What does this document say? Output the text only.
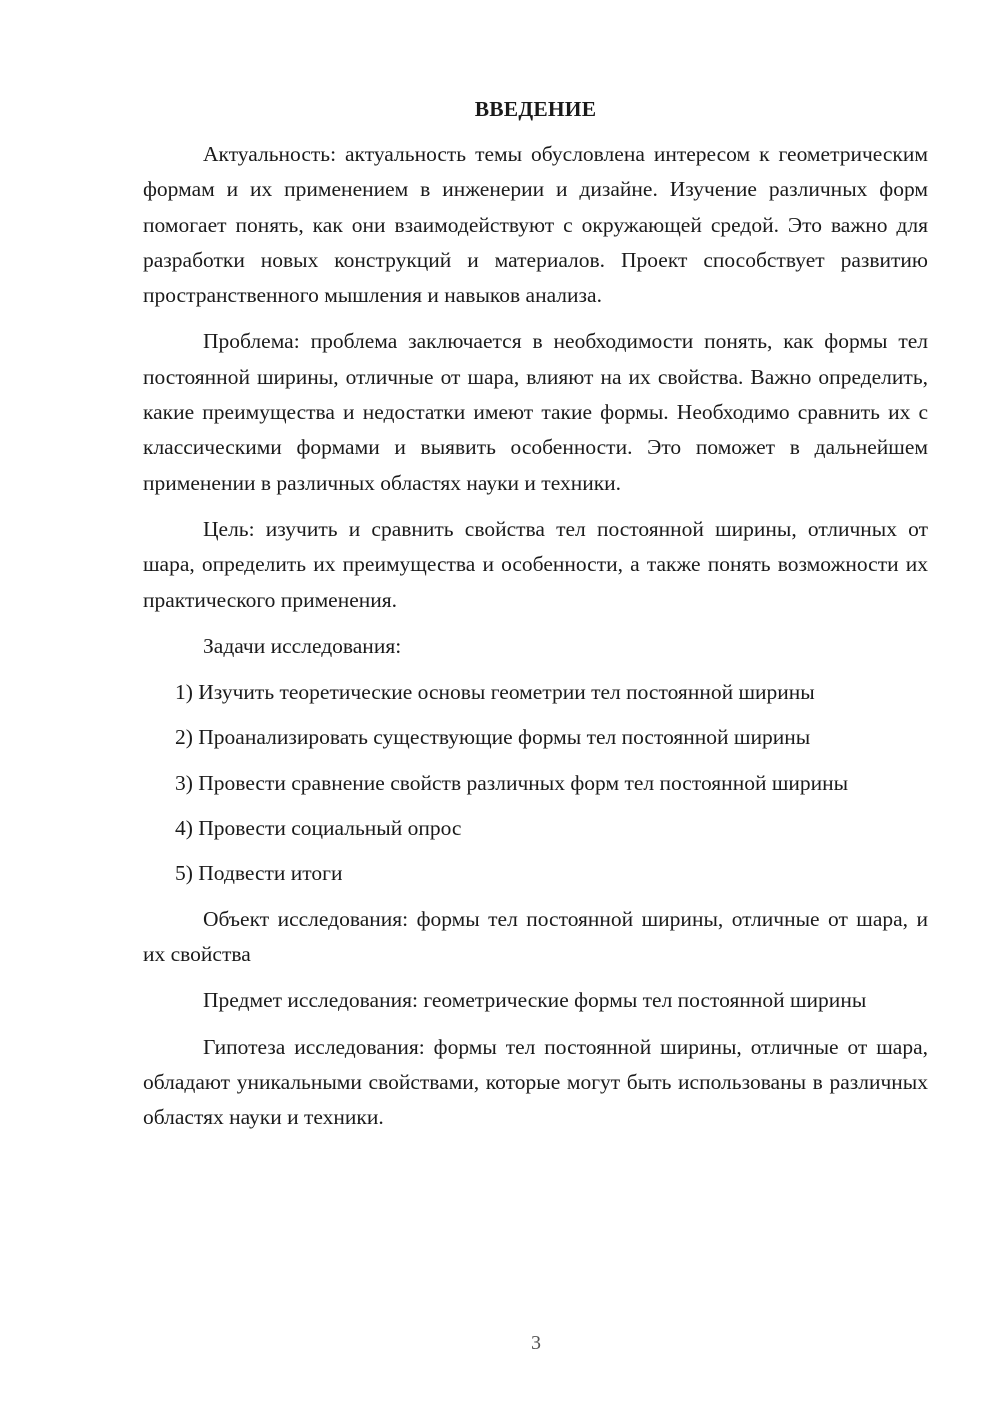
ВВЕДЕНИЕ

Актуальность: актуальность темы обусловлена интересом к геометрическим формам и их применением в инженерии и дизайне. Изучение различных форм помогает понять, как они взаимодействуют с окружающей средой. Это важно для разработки новых конструкций и материалов. Проект способствует развитию пространственного мышления и навыков анализа.

Проблема: проблема заключается в необходимости понять, как формы тел постоянной ширины, отличные от шара, влияют на их свойства. Важно определить, какие преимущества и недостатки имеют такие формы. Необходимо сравнить их с классическими формами и выявить особенности. Это поможет в дальнейшем применении в различных областях науки и техники.

Цель: изучить и сравнить свойства тел постоянной ширины, отличных от шара, определить их преимущества и особенности, а также понять возможности их практического применения.

Задачи исследования:

1) Изучить теоретические основы геометрии тел постоянной ширины

2) Проанализировать существующие формы тел постоянной ширины

3) Провести сравнение свойств различных форм тел постоянной ширины

4) Провести социальный опрос

5) Подвести итоги

Объект исследования: формы тел постоянной ширины, отличные от шара, и их свойства

Предмет исследования: геометрические формы тел постоянной ширины

Гипотеза исследования: формы тел постоянной ширины, отличные от шара, обладают уникальными свойствами, которые могут быть использованы в различных областях науки и техники.

3
